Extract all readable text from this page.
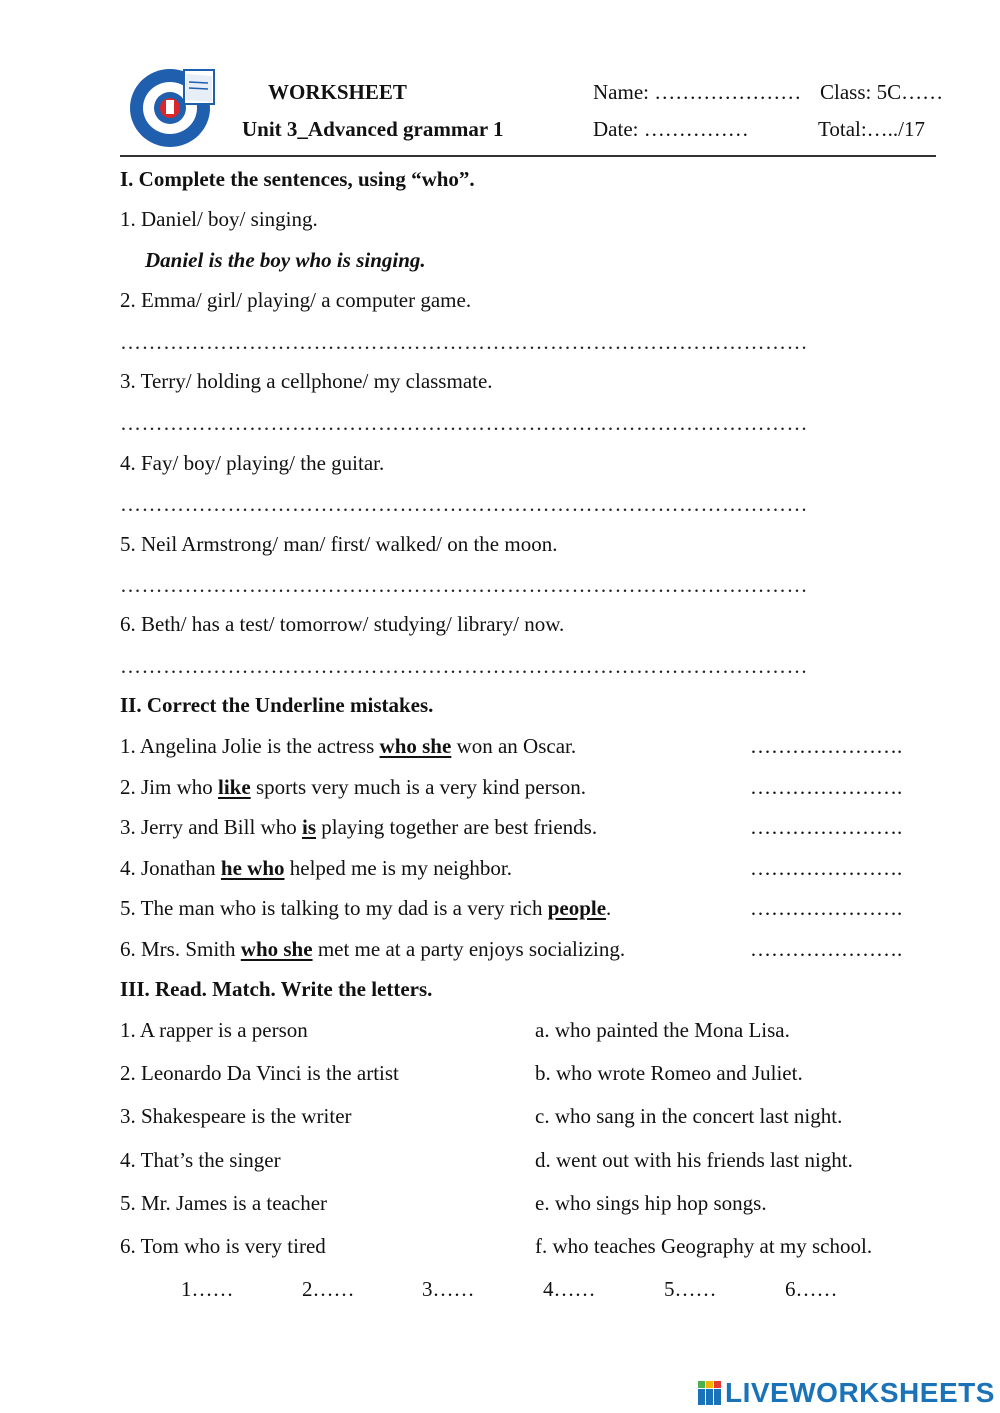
WORKSHEET
Unit 3_Advanced grammar 1
Name: ………………… Class: 5C……
Date: ……………	Total:…../17
I. Complete the sentences, using “who”.
1. Daniel/ boy/ singing.
Daniel is the boy who is singing.
2. Emma/ girl/ playing/ a computer game.
……………………………………………………………………………………
3. Terry/ holding a cellphone/ my classmate.
……………………………………………………………………………………
4. Fay/ boy/ playing/ the guitar.
……………………………………………………………………………………
5. Neil Armstrong/ man/ first/ walked/ on the moon.
……………………………………………………………………………………
6. Beth/ has a test/ tomorrow/ studying/ library/ now.
……………………………………………………………………………………
II. Correct the Underline mistakes.
1. Angelina Jolie is the actress who she won an Oscar.	………………….
2. Jim who like sports very much is a very kind person.	………………….
3. Jerry and Bill who is playing together are best friends.	………………….
4. Jonathan he who helped me is my neighbor.	………………….
5. The man who is talking to my dad is a very rich people.	………………….
6. Mrs. Smith who she met me at a party enjoys socializing.	………………….
III. Read. Match. Write the letters.
1. A rapper is a person	a. who painted the Mona Lisa.
2. Leonardo Da Vinci is the artist	b. who wrote Romeo and Juliet.
3. Shakespeare is the writer	c. who sang in the concert last night.
4. That’s the singer	d. went out with his friends last night.
5. Mr. James is a teacher	e. who sings hip hop songs.
6. Tom who is very tired	f. who teaches Geography at my school.
1……	2……	3……	4……	5……	6……
LIVEWORKSHEETS
